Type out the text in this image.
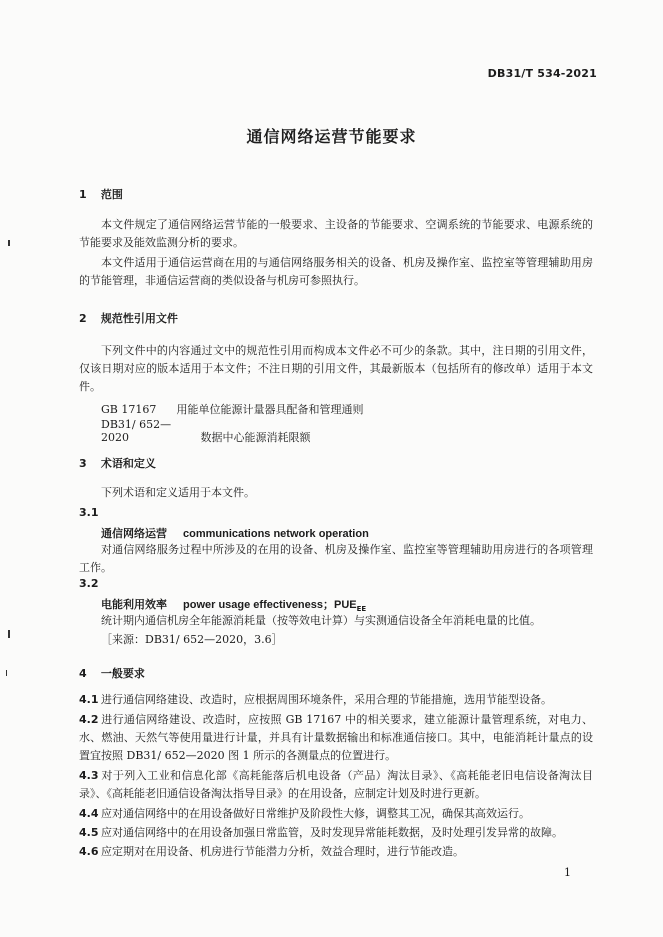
DB31/T 534-2021
通信网络运营节能要求
1 范围
本文件规定了通信网络运营节能的一般要求、主设备的节能要求、空调系统的节能要求、电源系统的节能要求及能效监测分析的要求。
本文件适用于通信运营商在用的与通信网络服务相关的设备、机房及操作室、监控室等管理辅助用房的节能管理，非通信运营商的类似设备与机房可参照执行。
2 规范性引用文件
下列文件中的内容通过文中的规范性引用而构成本文件必不可少的条款。其中，注日期的引用文件，仅该日期对应的版本适用于本文件；不注日期的引用文件，其最新版本（包括所有的修改单）适用于本文件。
GB 17167 用能单位能源计量器具配备和管理通则
DB31/ 652—2020	数据中心能源消耗限额
3 术语和定义
下列术语和定义适用于本文件。
3.1
通信网络运营 communications network operation
对通信网络服务过程中所涉及的在用的设备、机房及操作室、监控室等管理辅助用房进行的各项管理工作。
3.2
电能利用效率 power usage effectiveness；$PUE_{EE}$
统计期内通信机房全年能源消耗量（按等效电计算）与实测通信设备全年消耗电量的比值。
［来源：DB31/ 652—2020，3.6］
4 一般要求
4.1 进行通信网络建设、改造时，应根据周围环境条件，采用合理的节能措施，选用节能型设备。
4.2 进行通信网络建设、改造时，应按照 GB 17167 中的相关要求，建立能源计量管理系统，对电力、水、燃油、天然气等使用量进行计量，并具有计量数据输出和标准通信接口。其中，电能消耗计量点的设置宜按照 DB31/ 652—2020 图 1 所示的各测量点的位置进行。
4.3 对于列入工业和信息化部《高耗能落后机电设备（产品）淘汰目录》、《高耗能老旧电信设备淘汰目录》、《高耗能老旧通信设备淘汰指导目录》的在用设备，应制定计划及时进行更新。
4.4 应对通信网络中的在用设备做好日常维护及阶段性大修，调整其工况，确保其高效运行。
4.5 应对通信网络中的在用设备加强日常监管，及时发现异常能耗数据，及时处理引发异常的故障。
4.6 应定期对在用设备、机房进行节能潜力分析，效益合理时，进行节能改造。
1
